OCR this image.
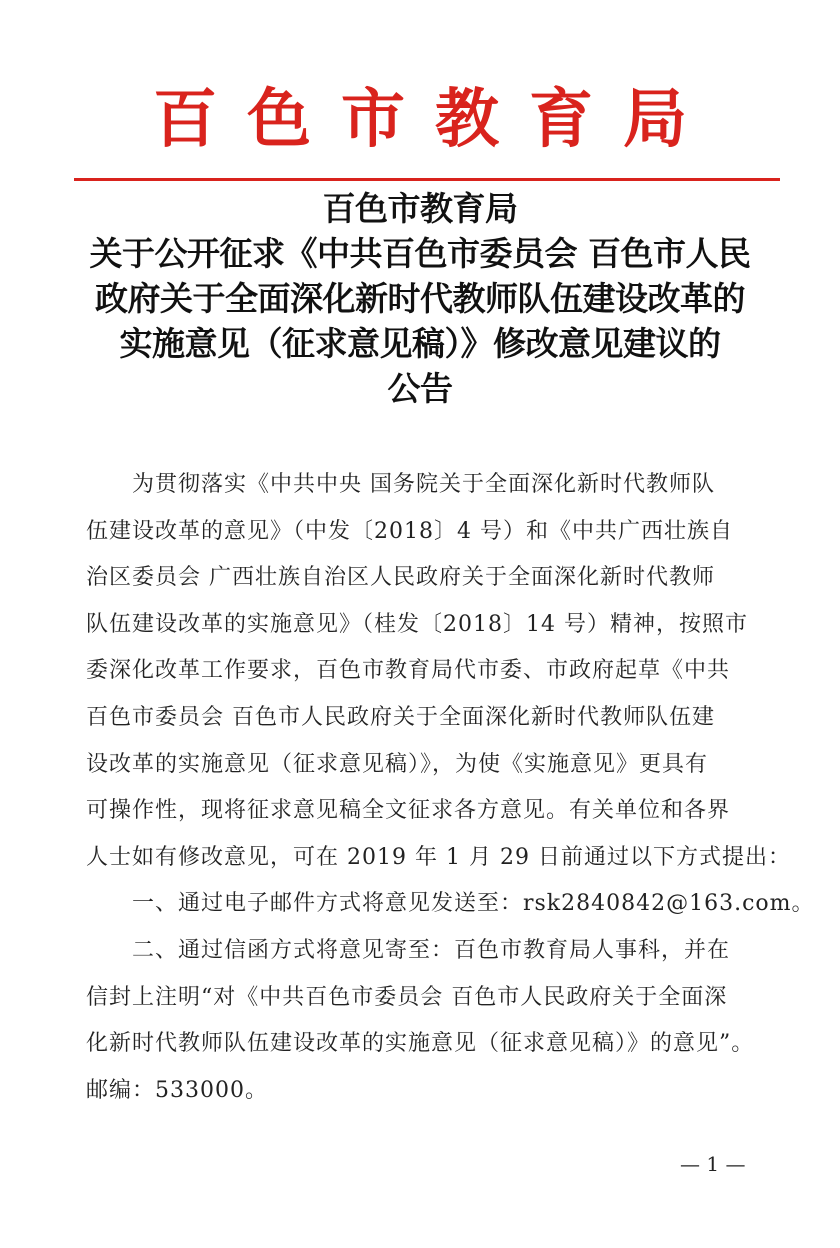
百色市教育局
百色市教育局
关于公开征求《中共百色市委员会 百色市人民
政府关于全面深化新时代教师队伍建设改革的
实施意见（征求意见稿）》修改意见建议的
公告
为贯彻落实《中共中央 国务院关于全面深化新时代教师队
伍建设改革的意见》（中发〔2018〕4 号）和《中共广西壮族自
治区委员会 广西壮族自治区人民政府关于全面深化新时代教师
队伍建设改革的实施意见》（桂发〔2018〕14 号）精神，按照市
委深化改革工作要求，百色市教育局代市委、市政府起草《中共
百色市委员会 百色市人民政府关于全面深化新时代教师队伍建
设改革的实施意见（征求意见稿）》，为使《实施意见》更具有
可操作性，现将征求意见稿全文征求各方意见。有关单位和各界
人士如有修改意见，可在 2019 年 1 月 29 日前通过以下方式提出：
一、通过电子邮件方式将意见发送至：rsk2840842@163.com。
二、通过信函方式将意见寄至：百色市教育局人事科，并在
信封上注明“对《中共百色市委员会 百色市人民政府关于全面深
化新时代教师队伍建设改革的实施意见（征求意见稿）》的意见”。
邮编：533000。
— 1 —
